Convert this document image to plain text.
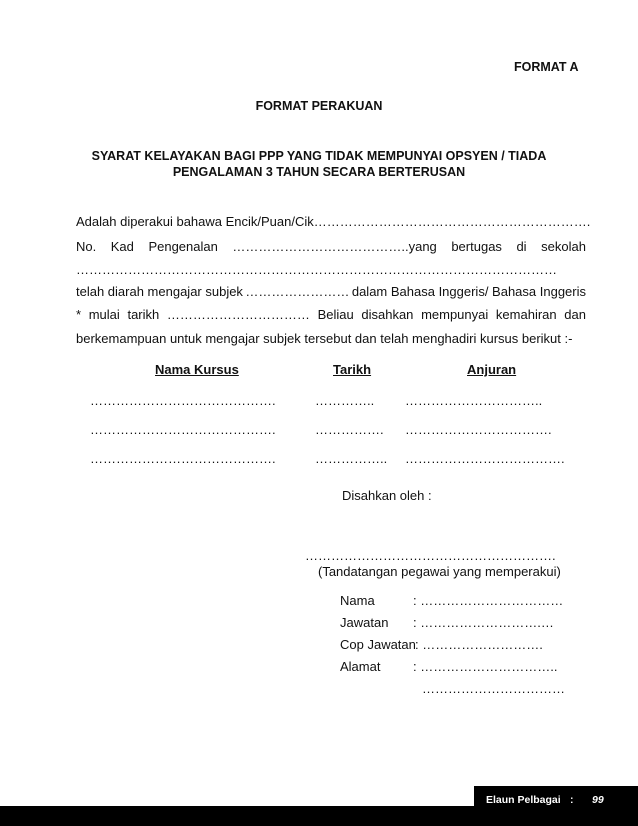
FORMAT A
FORMAT PERAKUAN
SYARAT KELAYAKAN BAGI PPP YANG TIDAK MEMPUNYAI OPSYEN / TIADA
PENGALAMAN 3 TAHUN SECARA BERTERUSAN
Adalah diperakui bahawa Encik/Puan/Cik ……………………………………………………….
No. Kad Pengenalan …………………………………..yang bertugas di sekolah
…………………………………………………………………………………………………
telah diarah mengajar subjek …………………… dalam Bahasa Inggeris/ Bahasa Inggeris
* mulai tarikh …………………………… Beliau disahkan mempunyai kemahiran dan
berkemampuan untuk mengajar subjek tersebut dan telah menghadiri kursus berikut :-
Nama Kursus	Tarikh	Anjuran
…………………………………….	………….. …………………………..
…………………………………….	……………. …………………………….
…………………………………….	…………….. ……………………………….
Disahkan oleh :
………………………………………………….
(Tandatangan pegawai yang memperakui)
Nama	: ……………………………
Jawatan : ……………………….…
Cop Jawatan : ……………………….
Alamat	: …………………………..
……………………………
Elaun Pelbagai : 99
